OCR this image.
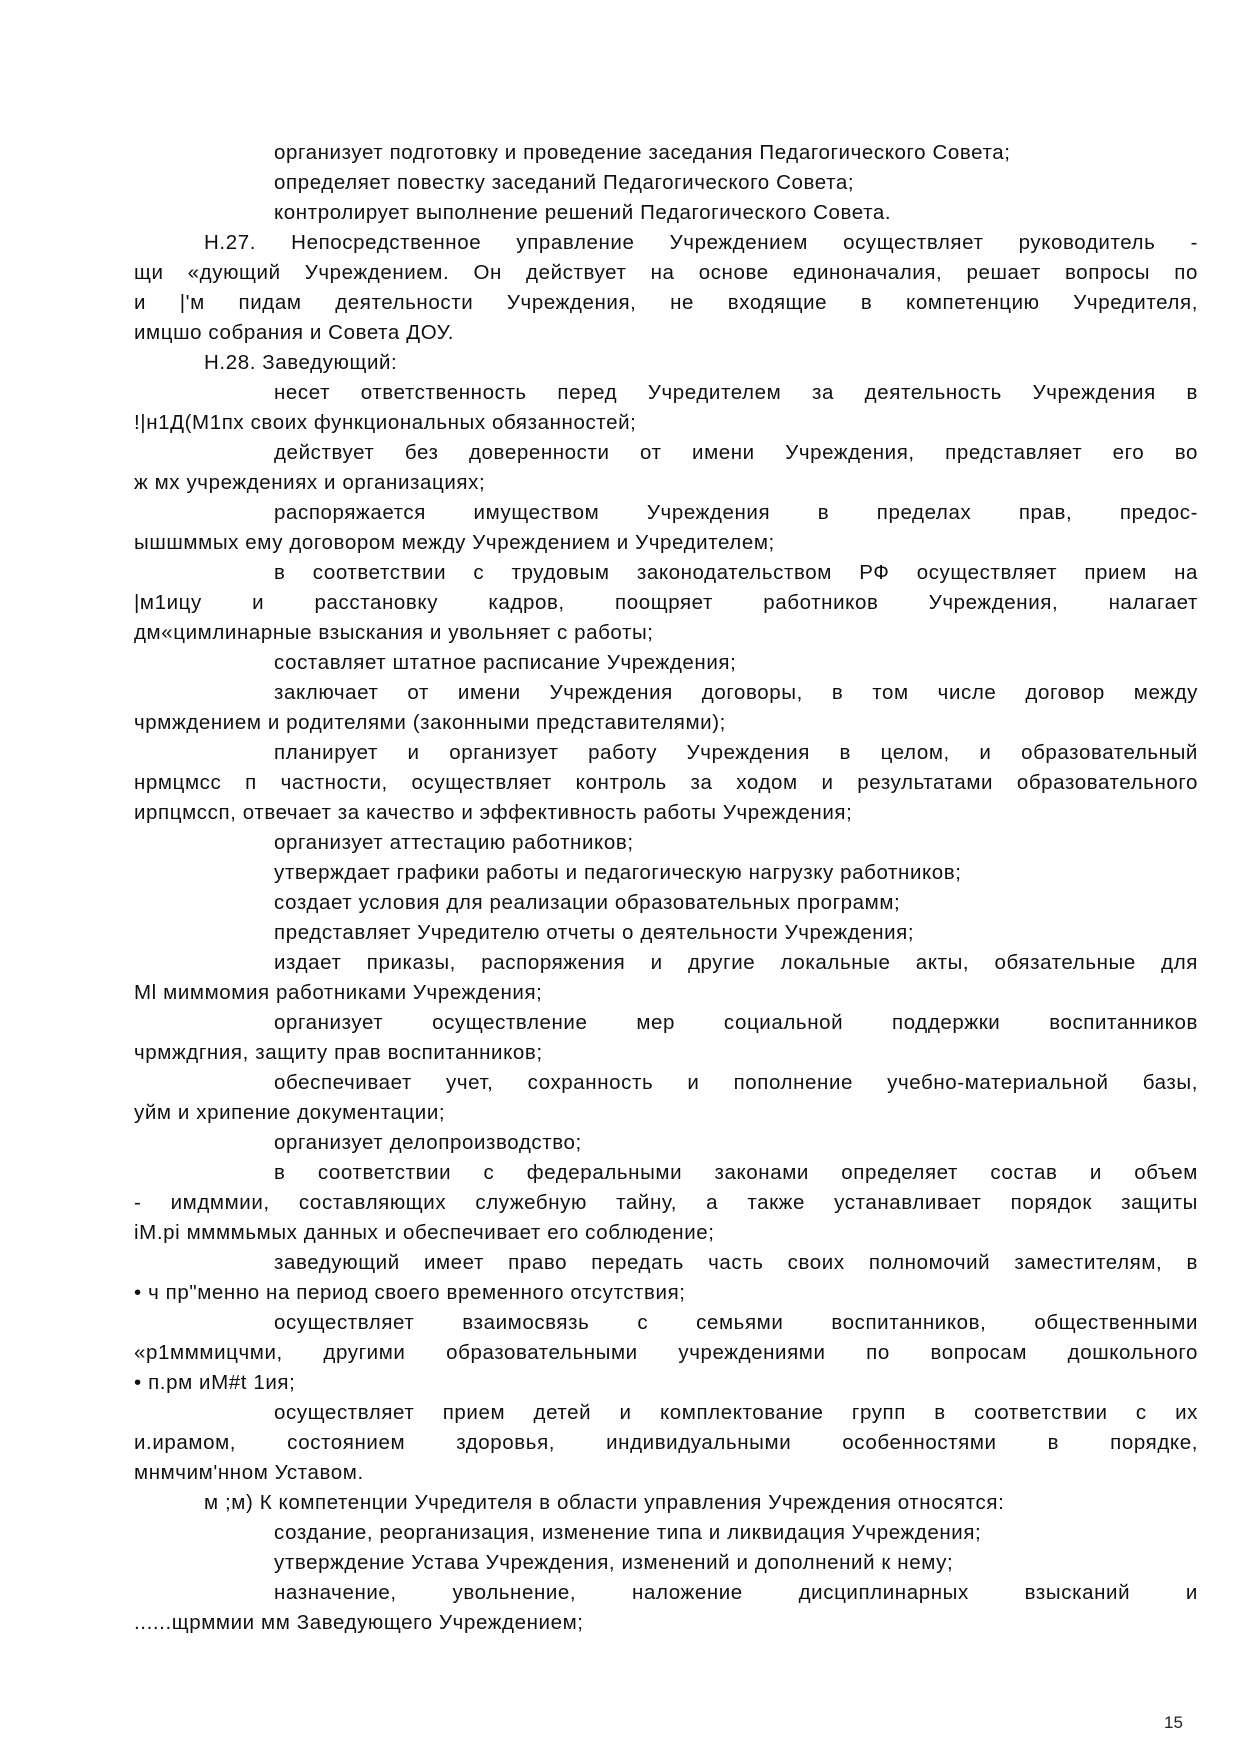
организует подготовку и проведение заседания Педагогического Совета;
определяет повестку заседаний Педагогического Совета;
контролирует выполнение решений Педагогического Совета.
Н.27. Непосредственное управление Учреждением осуществляет руководитель -
щи «дующий Учреждением. Он действует на основе единоначалия, решает вопросы по
и |'м пидам деятельности Учреждения, не входящие в компетенцию Учредителя,
имцшо собрания и Совета ДОУ.
Н.28. Заведующий:
несет ответственность перед Учредителем за деятельность Учреждения в
!|н1Д(М1пх своих функциональных обязанностей;
действует без доверенности от имени Учреждения, представляет его во
ж мх учреждениях и организациях;
распоряжается имуществом Учреждения в пределах прав, предос-
ышшммых ему договором между Учреждением и Учредителем;
в соответствии с трудовым законодательством РФ осуществляет прием на
|м1ицу и расстановку кадров, поощряет работников Учреждения, налагает
дм«цимлинарные взыскания и увольняет с работы;
составляет штатное расписание Учреждения;
заключает от имени Учреждения договоры, в том числе договор между
чрмждением и родителями (законными представителями);
планирует и организует работу Учреждения в целом, и образовательный
нрмцмсс п частности, осуществляет контроль за ходом и результатами образовательного
ирпцмссп, отвечает за качество и эффективность работы Учреждения;
организует аттестацию работников;
утверждает графики работы и педагогическую нагрузку работников;
создает условия для реализации образовательных программ;
представляет Учредителю отчеты о деятельности Учреждения;
издает приказы, распоряжения и другие локальные акты, обязательные для
Ml миммомия работниками Учреждения;
организует осуществление мер социальной поддержки воспитанников
чрмждгния, защиту прав воспитанников;
обеспечивает учет, сохранность и пополнение учебно-материальной базы,
уйм и хрипение документации;
организует делопроизводство;
в соответствии с федеральными законами определяет состав и объем
- имдммии, составляющих служебную тайну, а также устанавливает порядок защиты
iM.pi ммммьмых данных и обеспечивает его соблюдение;
заведующий имеет право передать часть своих полномочий заместителям, в
• ч пр"менно на период своего временного отсутствия;
осуществляет взаимосвязь с семьями воспитанников, общественными
«р1мммицчми, другими образовательными учреждениями по вопросам дошкольного
• п.рм иМ#t 1ия;
осуществляет прием детей и комплектование групп в соответствии с их
и.ирамом, состоянием здоровья, индивидуальными особенностями в порядке,
мнмчим'нном Уставом.
м ;м) К компетенции Учредителя в области управления Учреждения относятся:
создание, реорганизация, изменение типа и ликвидация Учреждения;
утверждение Устава Учреждения, изменений и дополнений к нему;
назначение, увольнение, наложение дисциплинарных взысканий и
......щрммии мм Заведующего Учреждением;
15
